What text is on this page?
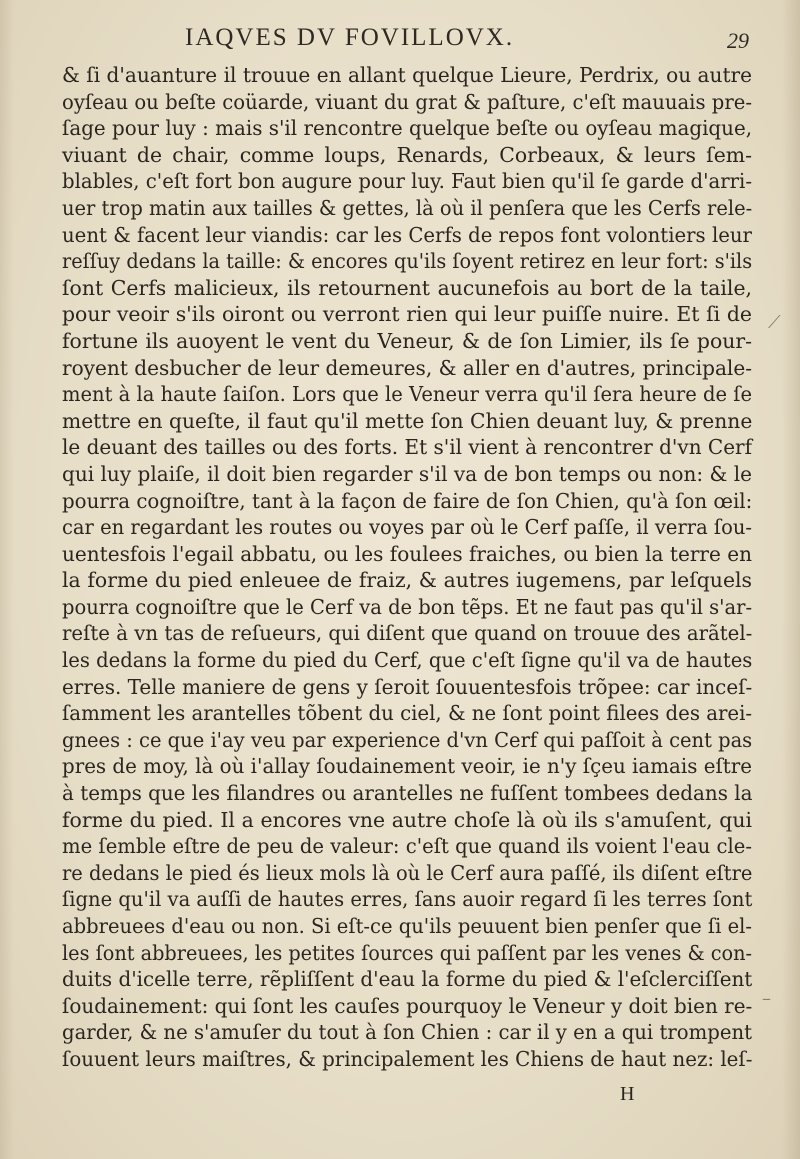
IAQVES DV FOVILLOVX.	29
& ſi d'auanture il trouue en allant quelque Lieure, Perdrix, ou autre
oyſeau ou beſte coüarde, viuant du grat & paſture, c'eſt mauuais pre-
ſage pour luy : mais s'il rencontre quelque beſte ou oyſeau magique,
viuant de chair, comme loups, Renards, Corbeaux, & leurs ſem-
blables, c'eſt fort bon augure pour luy. Faut bien qu'il ſe garde d'arri-
uer trop matin aux tailles & gettes, là où il penſera que les Cerfs rele-
uent & facent leur viandis: car les Cerfs de repos font volontiers leur
reſſuy dedans la taille: & encores qu'ils ſoyent retirez en leur fort: s'ils
ſont Cerfs malicieux, ils retournent aucunefois au bort de la taile,
pour veoir s'ils oiront ou verront rien qui leur puiſſe nuire. Et ſi de
fortune ils auoyent le vent du Veneur, & de ſon Limier, ils ſe pour-
royent desbucher de leur demeures, & aller en d'autres, principale-
ment à la haute ſaiſon. Lors que le Veneur verra qu'il ſera heure de ſe
mettre en queſte, il faut qu'il mette ſon Chien deuant luy, & prenne
le deuant des tailles ou des forts. Et s'il vient à rencontrer d'vn Cerf
qui luy plaiſe, il doit bien regarder s'il va de bon temps ou non: & le
pourra cognoiſtre, tant à la façon de faire de ſon Chien, qu'à ſon œil:
car en regardant les routes ou voyes par où le Cerf paſſe, il verra ſou-
uentesfois l'egail abbatu, ou les foulees fraiches, ou bien la terre en
la forme du pied enleuee de fraiz, & autres iugemens, par leſquels
pourra cognoiſtre que le Cerf va de bon tẽps. Et ne faut pas qu'il s'ar-
reſte à vn tas de reſueurs, qui diſent que quand on trouue des arãtel-
les dedans la forme du pied du Cerf, que c'eſt ſigne qu'il va de hautes
erres. Telle maniere de gens y ſeroit ſouuentesfois trõpee: car inceſ-
ſamment les arantelles tõbent du ciel, & ne ſont point filees des arei-
gnees : ce que i'ay veu par experience d'vn Cerf qui paſſoit à cent pas
pres de moy, là où i'allay ſoudainement veoir, ie n'y ſçeu iamais eſtre
à temps que les filandres ou arantelles ne fuſſent tombees dedans la
forme du pied. Il a encores vne autre choſe là où ils s'amuſent, qui
me ſemble eſtre de peu de valeur: c'eſt que quand ils voient l'eau cle-
re dedans le pied és lieux mols là où le Cerf aura paſſé, ils diſent eſtre
ſigne qu'il va auſſi de hautes erres, ſans auoir regard ſi les terres ſont
abbreuees d'eau ou non. Si eſt-ce qu'ils peuuent bien penſer que ſi el-
les ſont abbreuees, les petites ſources qui paſſent par les venes & con-
duits d'icelle terre, rẽpliſſent d'eau la forme du pied & l'eſclerciſſent
ſoudainement: qui ſont les cauſes pourquoy le Veneur y doit bien re-
garder, & ne s'amuſer du tout à ſon Chien : car il y en a qui trompent
ſouuent leurs maiſtres, & principalement les Chiens de haut nez: leſ-
H
⟋
–
